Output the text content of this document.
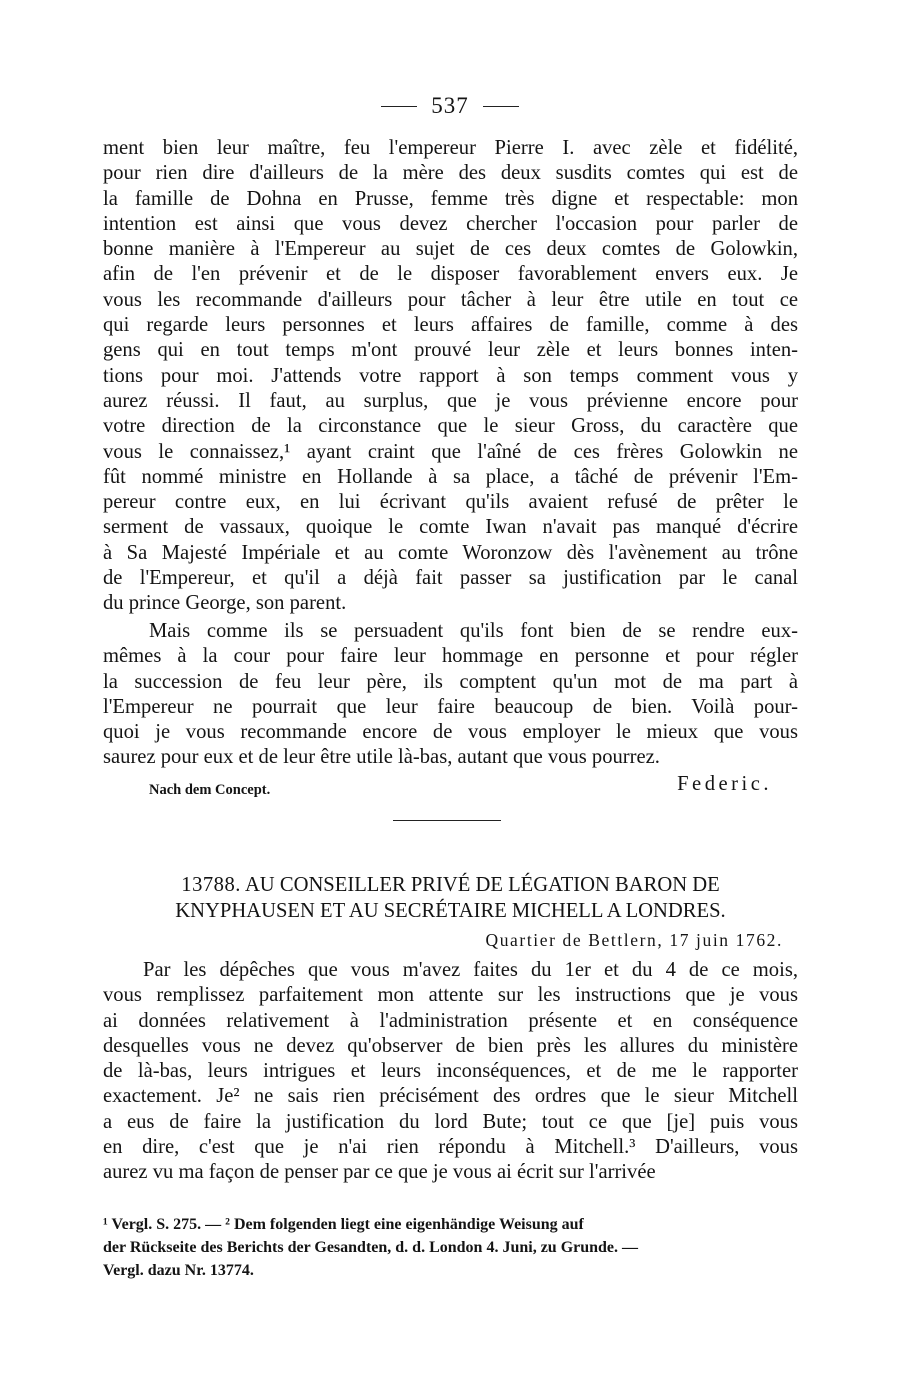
537
ment bien leur maître, feu l'empereur Pierre I. avec zèle et fidélité,
pour rien dire d'ailleurs de la mère des deux susdits comtes qui est de
la famille de Dohna en Prusse, femme très digne et respectable: mon
intention est ainsi que vous devez chercher l'occasion pour parler de
bonne manière à l'Empereur au sujet de ces deux comtes de Golowkin,
afin de l'en prévenir et de le disposer favorablement envers eux. Je
vous les recommande d'ailleurs pour tâcher à leur être utile en tout ce
qui regarde leurs personnes et leurs affaires de famille, comme à des
gens qui en tout temps m'ont prouvé leur zèle et leurs bonnes inten-
tions pour moi. J'attends votre rapport à son temps comment vous y
aurez réussi. Il faut, au surplus, que je vous prévienne encore pour
votre direction de la circonstance que le sieur Gross, du caractère que
vous le connaissez,¹ ayant craint que l'aîné de ces frères Golowkin ne
fût nommé ministre en Hollande à sa place, a tâché de prévenir l'Em-
pereur contre eux, en lui écrivant qu'ils avaient refusé de prêter le
serment de vassaux, quoique le comte Iwan n'avait pas manqué d'écrire
à Sa Majesté Impériale et au comte Woronzow dès l'avènement au trône
de l'Empereur, et qu'il a déjà fait passer sa justification par le canal
du prince George, son parent.
Mais comme ils se persuadent qu'ils font bien de se rendre eux-
mêmes à la cour pour faire leur hommage en personne et pour régler
la succession de feu leur père, ils comptent qu'un mot de ma part à
l'Empereur ne pourrait que leur faire beaucoup de bien. Voilà pour-
quoi je vous recommande encore de vous employer le mieux que vous
saurez pour eux et de leur être utile là-bas, autant que vous pourrez.
Nach dem Concept.	Federic.
13788. AU CONSEILLER PRIVÉ DE LÉGATION BARON DE
KNYPHAUSEN ET AU SECRÉTAIRE MICHELL A LONDRES.
Quartier de Bettlern, 17 juin 1762.
Par les dépêches que vous m'avez faites du 1er et du 4 de ce mois,
vous remplissez parfaitement mon attente sur les instructions que je vous
ai données relativement à l'administration présente et en conséquence
desquelles vous ne devez qu'observer de bien près les allures du ministère
de là-bas, leurs intrigues et leurs inconséquences, et de me le rapporter
exactement. Je² ne sais rien précisément des ordres que le sieur Mitchell
a eus de faire la justification du lord Bute; tout ce que [je] puis vous
en dire, c'est que je n'ai rien répondu à Mitchell.³ D'ailleurs, vous
aurez vu ma façon de penser par ce que je vous ai écrit sur l'arrivée
¹ Vergl. S. 275. — ² Dem folgenden liegt eine eigenhändige Weisung auf
der Rückseite des Berichts der Gesandten, d. d. London 4. Juni, zu Grunde. —
Vergl. dazu Nr. 13774.
